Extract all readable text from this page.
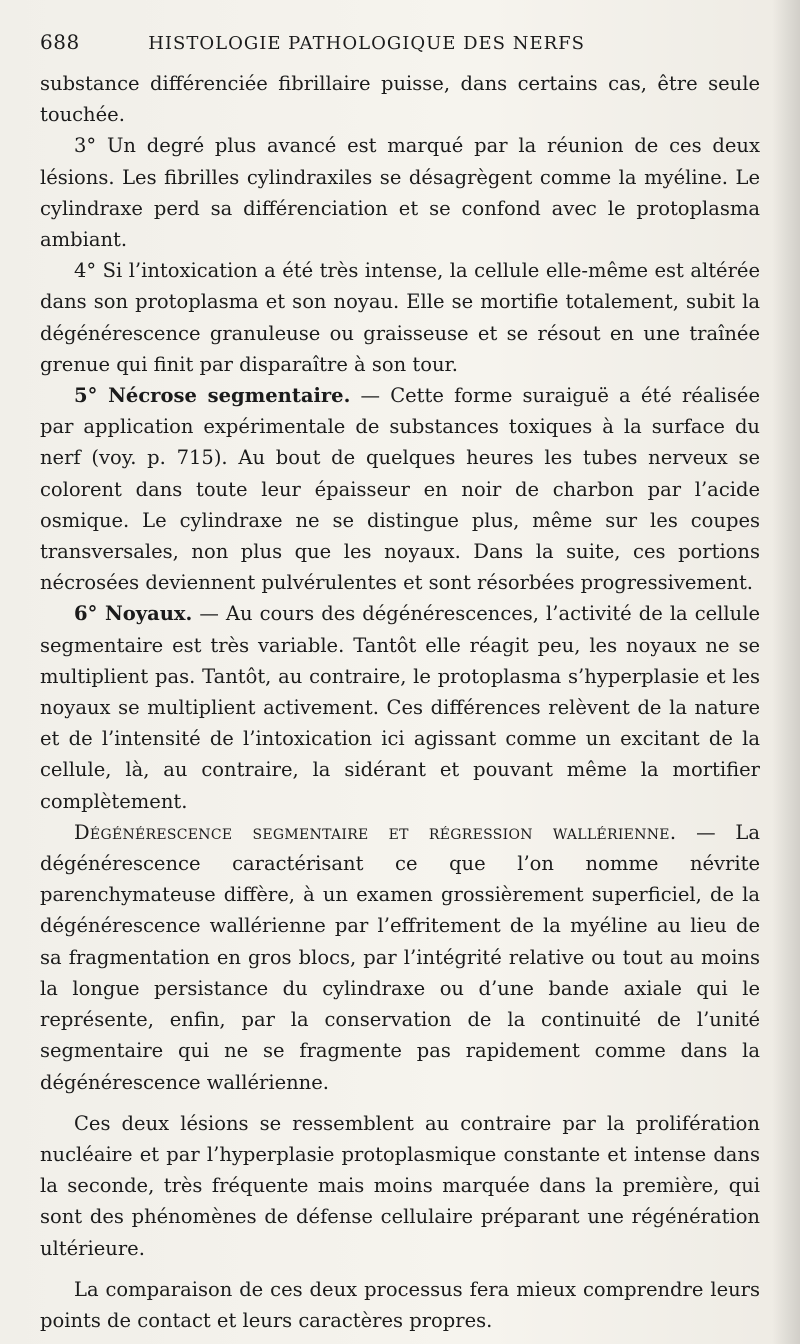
688	HISTOLOGIE PATHOLOGIQUE DES NERFS

substance différenciée fibrillaire puisse, dans certains cas, être seule touchée.

3° Un degré plus avancé est marqué par la réunion de ces deux lésions. Les fibrilles cylindraxiles se désagrègent comme la myéline. Le cylindraxe perd sa différenciation et se confond avec le protoplasma ambiant.

4° Si l’intoxication a été très intense, la cellule elle-même est altérée dans son protoplasma et son noyau. Elle se mortifie totalement, subit la dégénérescence granuleuse ou graisseuse et se résout en une traînée grenue qui finit par disparaître à son tour.

5° Nécrose segmentaire. — Cette forme suraiguë a été réalisée par application expérimentale de substances toxiques à la surface du nerf (voy. p. 715). Au bout de quelques heures les tubes nerveux se colorent dans toute leur épaisseur en noir de charbon par l’acide osmique. Le cylindraxe ne se distingue plus, même sur les coupes transversales, non plus que les noyaux. Dans la suite, ces portions nécrosées deviennent pulvérulentes et sont résorbées progressivement.

6° Noyaux. — Au cours des dégénérescences, l’activité de la cellule segmentaire est très variable. Tantôt elle réagit peu, les noyaux ne se multiplient pas. Tantôt, au contraire, le protoplasma s’hyperplasie et les noyaux se multiplient activement. Ces différences relèvent de la nature et de l’intensité de l’intoxication ici agissant comme un excitant de la cellule, là, au contraire, la sidérant et pouvant même la mortifier complètement.

Dégénérescence segmentaire et régression wallérienne. — La dégénérescence caractérisant ce que l’on nomme névrite parenchymateuse diffère, à un examen grossièrement superficiel, de la dégénérescence wallérienne par l’effritement de la myéline au lieu de sa fragmentation en gros blocs, par l’intégrité relative ou tout au moins la longue persistance du cylindraxe ou d’une bande axiale qui le représente, enfin, par la conservation de la continuité de l’unité segmentaire qui ne se fragmente pas rapidement comme dans la dégénérescence wallérienne.

Ces deux lésions se ressemblent au contraire par la prolifération nucléaire et par l’hyperplasie protoplasmique constante et intense dans la seconde, très fréquente mais moins marquée dans la première, qui sont des phénomènes de défense cellulaire préparant une régénération ultérieure.

La comparaison de ces deux processus fera mieux comprendre leurs points de contact et leurs caractères propres.
